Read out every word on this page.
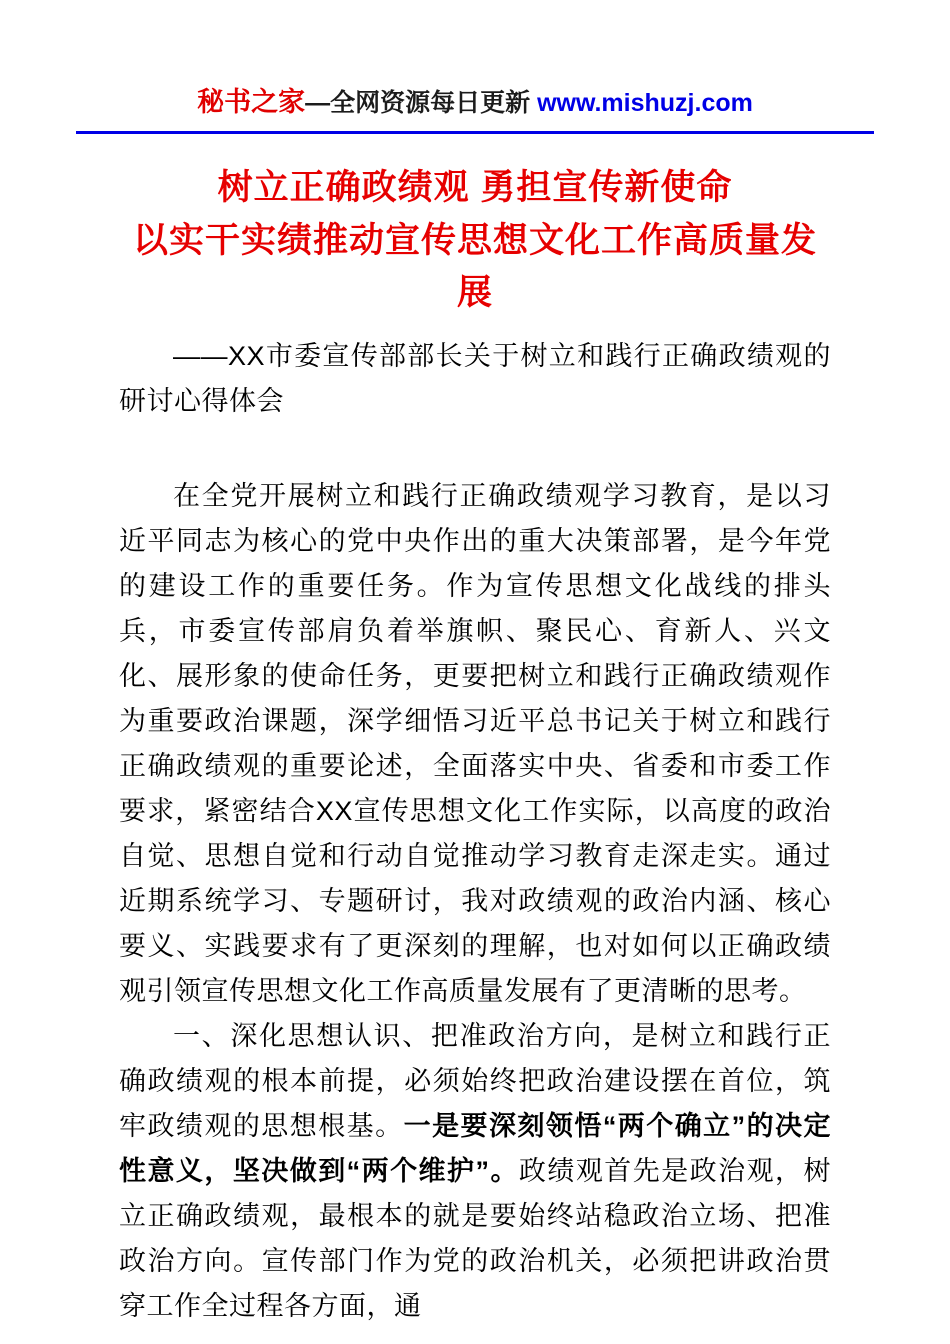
秘书之家—全网资源每日更新 www.mishuzj.com
树立正确政绩观 勇担宣传新使命
以实干实绩推动宣传思想文化工作高质量发展

——XX市委宣传部部长关于树立和践行正确政绩观的研讨心得体会

在全党开展树立和践行正确政绩观学习教育，是以习近平同志为核心的党中央作出的重大决策部署，是今年党的建设工作的重要任务。作为宣传思想文化战线的排头兵，市委宣传部肩负着举旗帜、聚民心、育新人、兴文化、展形象的使命任务，更要把树立和践行正确政绩观作为重要政治课题，深学细悟习近平总书记关于树立和践行正确政绩观的重要论述，全面落实中央、省委和市委工作要求，紧密结合XX宣传思想文化工作实际，以高度的政治自觉、思想自觉和行动自觉推动学习教育走深走实。通过近期系统学习、专题研讨，我对政绩观的政治内涵、核心要义、实践要求有了更深刻的理解，也对如何以正确政绩观引领宣传思想文化工作高质量发展有了更清晰的思考。

一、深化思想认识、把准政治方向，是树立和践行正确政绩观的根本前提，必须始终把政治建设摆在首位，筑牢政绩观的思想根基。一是要深刻领悟“两个确立”的决定性意义，坚决做到“两个维护”。政绩观首先是政治观，树立正确政绩观，最根本的就是要始终站稳政治立场、把准政治方向。宣传部门作为党的政治机关，必须把讲政治贯穿工作全过程各方面，通
